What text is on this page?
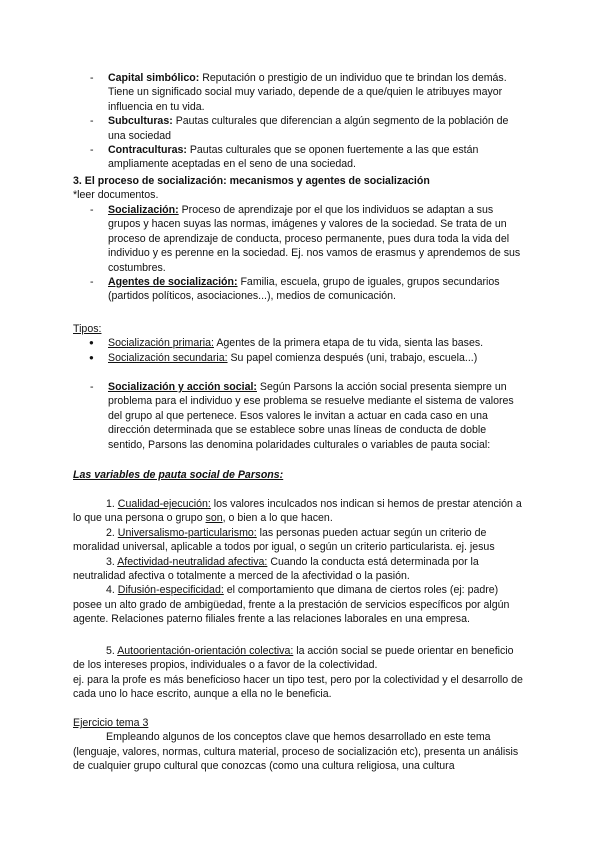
- Capital simbólico: Reputación o prestigio de un individuo que te brindan los demás. Tiene un significado social muy variado, depende de a que/quien le atribuyes mayor influencia en tu vida.

- Subculturas: Pautas culturales que diferencian a algún segmento de la población de una sociedad

- Contraculturas: Pautas culturales que se oponen fuertemente a las que están ampliamente aceptadas en el seno de una sociedad.

3. El proceso de socialización: mecanismos y agentes de socialización

*leer documentos.

- Socialización: Proceso de aprendizaje por el que los individuos se adaptan a sus grupos y hacen suyas las normas, imágenes y valores de la sociedad. Se trata de un proceso de aprendizaje de conducta, proceso permanente, pues dura toda la vida del individuo y es perenne en la sociedad. Ej. nos vamos de erasmus y aprendemos de sus costumbres.

- Agentes de socialización: Familia, escuela, grupo de iguales, grupos secundarios (partidos políticos, asociaciones...), medios de comunicación.

Tipos:

● Socialización primaria: Agentes de la primera etapa de tu vida, sienta las bases.

● Socialización secundaria: Su papel comienza después (uni, trabajo, escuela...)

- Socialización y acción social: Según Parsons la acción social presenta siempre un problema para el individuo y ese problema se resuelve mediante el sistema de valores del grupo al que pertenece. Esos valores le invitan a actuar en cada caso en una dirección determinada que se establece sobre unas líneas de conducta de doble sentido, Parsons las denomina polaridades culturales o variables de pauta social:

Las variables de pauta social de Parsons:

1. Cualidad-ejecución: los valores inculcados nos indican si hemos de prestar atención a lo que una persona o grupo son, o bien a lo que hacen.

2. Universalismo-particularismo: las personas pueden actuar según un criterio de moralidad universal, aplicable a todos por igual, o según un criterio particularista. ej. jesus

3. Afectividad-neutralidad afectiva: Cuando la conducta está determinada por la neutralidad afectiva o totalmente a merced de la afectividad o la pasión.

4. Difusión-especificidad: el comportamiento que dimana de ciertos roles (ej: padre) posee un alto grado de ambigüedad, frente a la prestación de servicios específicos por algún agente. Relaciones paterno filiales frente a las relaciones laborales en una empresa.

5. Autoorientación-orientación colectiva: la acción social se puede orientar en beneficio de los intereses propios, individuales o a favor de la colectividad.

ej. para la profe es más beneficioso hacer un tipo test, pero por la colectividad y el desarrollo de cada uno lo hace escrito, aunque a ella no le beneficia.

Ejercicio tema 3

Empleando algunos de los conceptos clave que hemos desarrollado en este tema (lenguaje, valores, normas, cultura material, proceso de socialización etc), presenta un análisis de cualquier grupo cultural que conozcas (como una cultura religiosa, una cultura
